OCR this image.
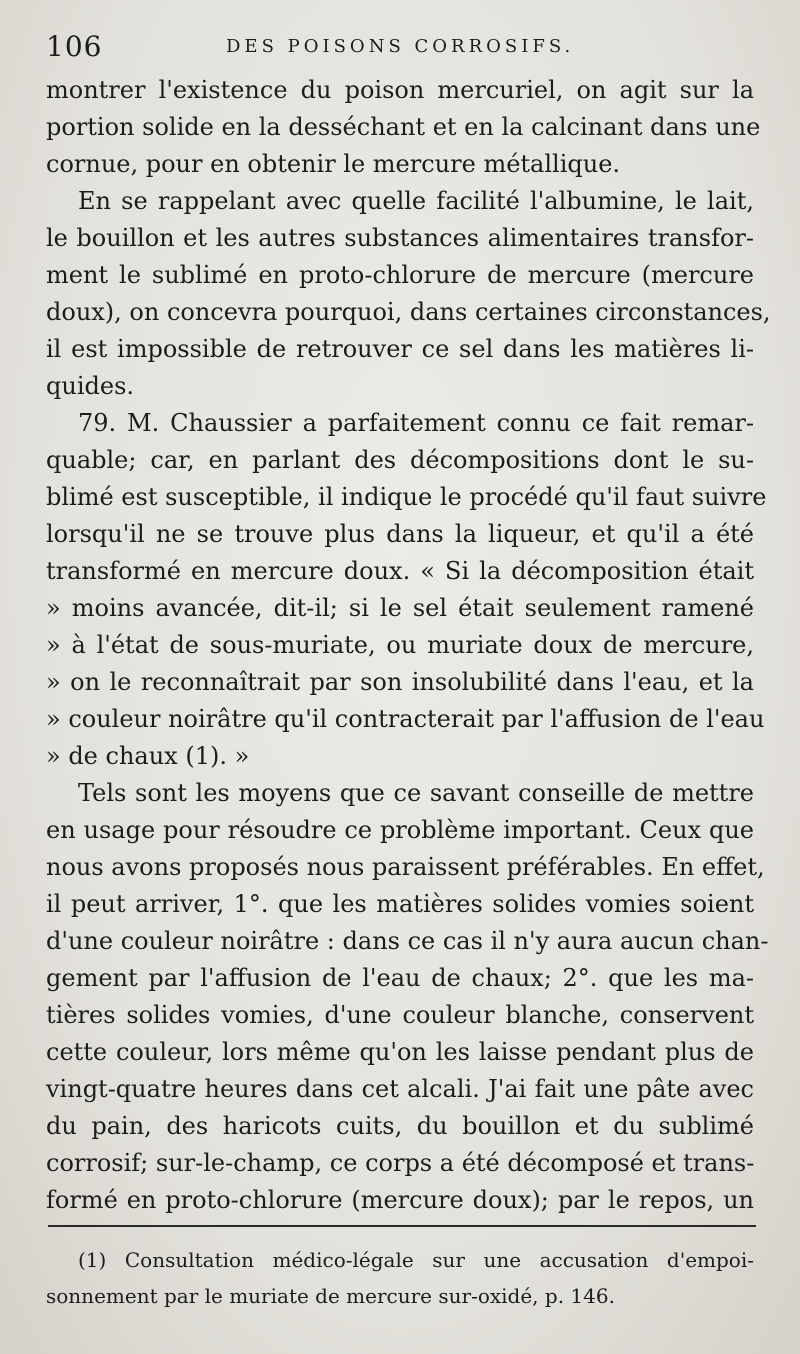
106	DES POISONS CORROSIFS.
montrer l'existence du poison mercuriel, on agit sur la
portion solide en la desséchant et en la calcinant dans une
cornue, pour en obtenir le mercure métallique.
En se rappelant avec quelle facilité l'albumine, le lait,
le bouillon et les autres substances alimentaires transfor-
ment le sublimé en proto-chlorure de mercure (mercure
doux), on concevra pourquoi, dans certaines circonstances,
il est impossible de retrouver ce sel dans les matières li-
quides.
79. M. Chaussier a parfaitement connu ce fait remar-
quable; car, en parlant des décompositions dont le su-
blimé est susceptible, il indique le procédé qu'il faut suivre
lorsqu'il ne se trouve plus dans la liqueur, et qu'il a été
transformé en mercure doux. « Si la décomposition était
» moins avancée, dit-il; si le sel était seulement ramené
» à l'état de sous-muriate, ou muriate doux de mercure,
» on le reconnaîtrait par son insolubilité dans l'eau, et la
» couleur noirâtre qu'il contracterait par l'affusion de l'eau
» de chaux (1). »
Tels sont les moyens que ce savant conseille de mettre
en usage pour résoudre ce problème important. Ceux que
nous avons proposés nous paraissent préférables. En effet,
il peut arriver, 1°. que les matières solides vomies soient
d'une couleur noirâtre : dans ce cas il n'y aura aucun chan-
gement par l'affusion de l'eau de chaux; 2°. que les ma-
tières solides vomies, d'une couleur blanche, conservent
cette couleur, lors même qu'on les laisse pendant plus de
vingt-quatre heures dans cet alcali. J'ai fait une pâte avec
du pain, des haricots cuits, du bouillon et du sublimé
corrosif; sur-le-champ, ce corps a été décomposé et trans-
formé en proto-chlorure (mercure doux); par le repos, un
(1) Consultation médico-légale sur une accusation d'empoi-
sonnement par le muriate de mercure sur-oxidé, p. 146.
